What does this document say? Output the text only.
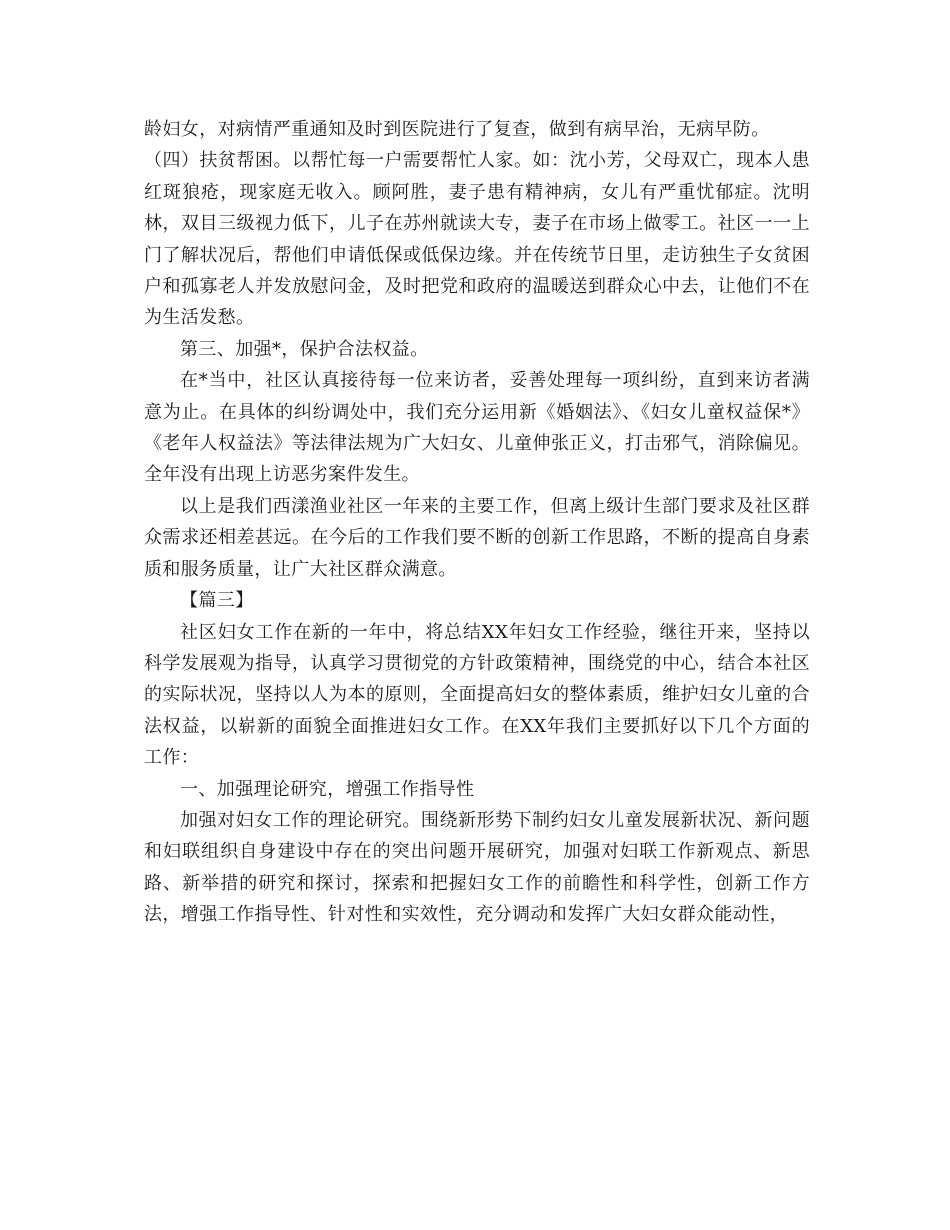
龄妇女，对病情严重通知及时到医院进行了复查，做到有病早治，无病早防。

（四）扶贫帮困。以帮忙每一户需要帮忙人家。如：沈小芳，父母双亡，现本人患红斑狼疮，现家庭无收入。顾阿胜，妻子患有精神病，女儿有严重忧郁症。沈明林，双目三级视力低下，儿子在苏州就读大专，妻子在市场上做零工。社区一一上门了解状况后，帮他们申请低保或低保边缘。并在传统节日里，走访独生子女贫困户和孤寡老人并发放慰问金，及时把党和政府的温暖送到群众心中去，让他们不在为生活发愁。

第三、加强*，保护合法权益。

在*当中，社区认真接待每一位来访者，妥善处理每一项纠纷，直到来访者满意为止。在具体的纠纷调处中，我们充分运用新《婚姻法》、《妇女儿童权益保*》《老年人权益法》等法律法规为广大妇女、儿童伸张正义，打击邪气，消除偏见。全年没有出现上访恶劣案件发生。

以上是我们西漾渔业社区一年来的主要工作，但离上级计生部门要求及社区群众需求还相差甚远。在今后的工作我们要不断的创新工作思路，不断的提高自身素质和服务质量，让广大社区群众满意。

【篇三】

社区妇女工作在新的一年中，将总结XX年妇女工作经验，继往开来，坚持以科学发展观为指导，认真学习贯彻党的方针政策精神，围绕党的中心，结合本社区的实际状况，坚持以人为本的原则，全面提高妇女的整体素质，维护妇女儿童的合法权益，以崭新的面貌全面推进妇女工作。在XX年我们主要抓好以下几个方面的工作：

一、加强理论研究，增强工作指导性

加强对妇女工作的理论研究。围绕新形势下制约妇女儿童发展新状况、新问题和妇联组织自身建设中存在的突出问题开展研究，加强对妇联工作新观点、新思路、新举措的研究和探讨，探索和把握妇女工作的前瞻性和科学性，创新工作方法，增强工作指导性、针对性和实效性，充分调动和发挥广大妇女群众能动性，
